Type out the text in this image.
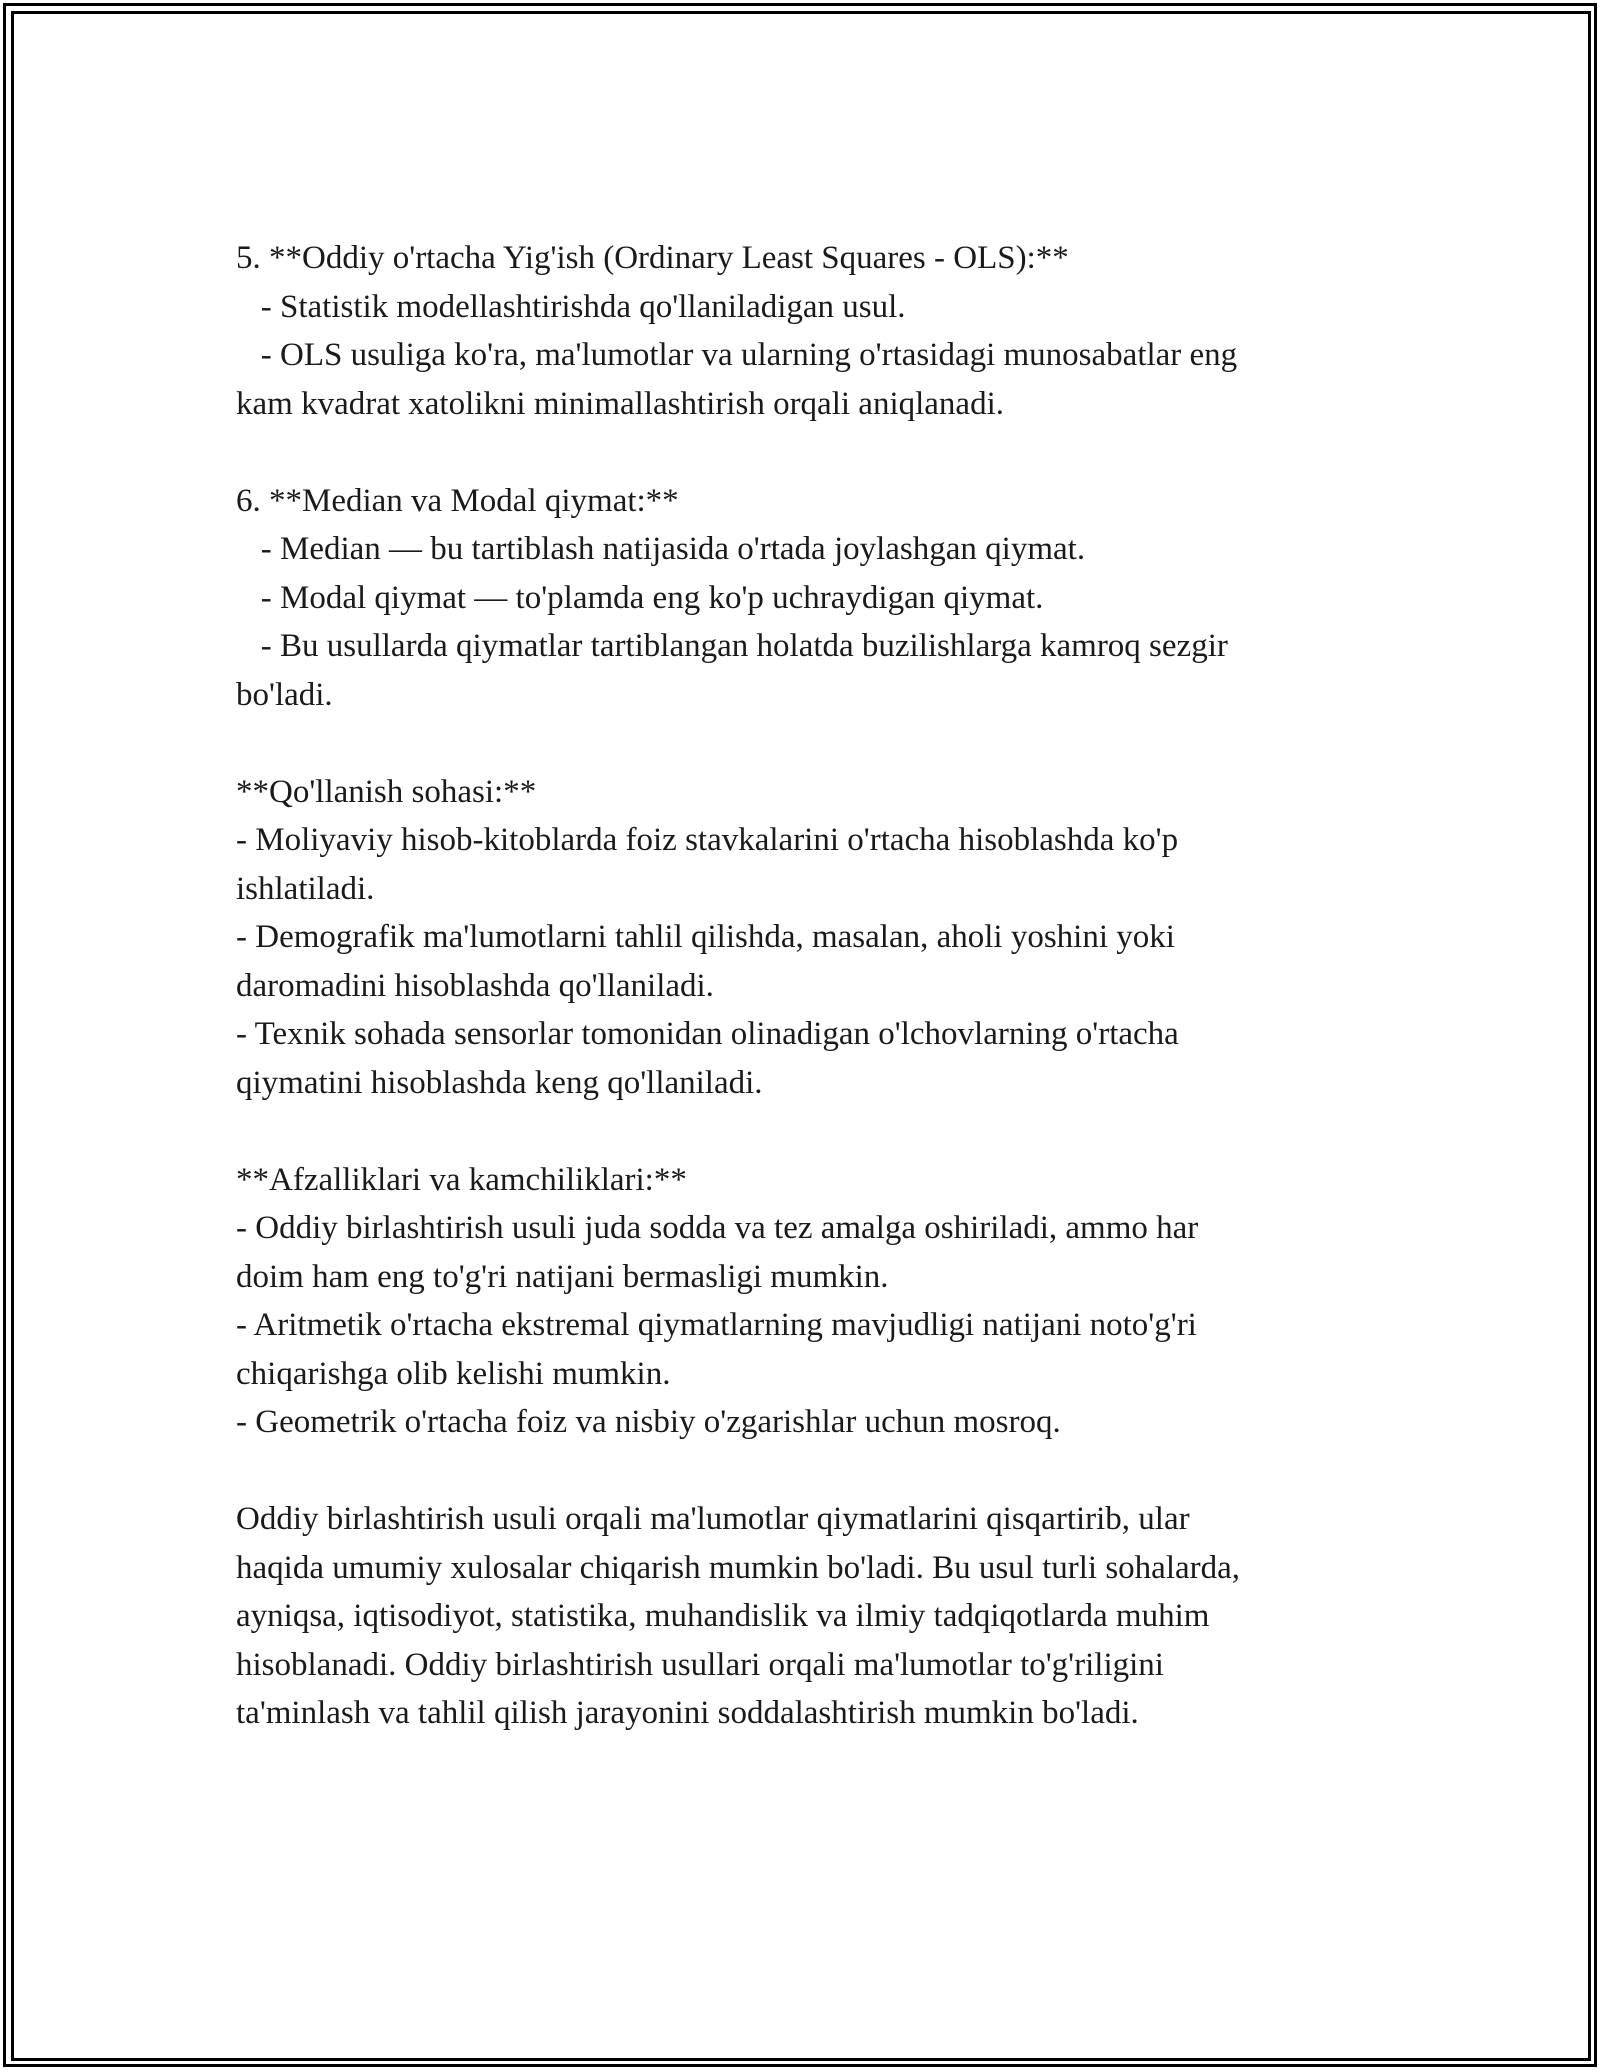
5. **Oddiy o'rtacha Yig'ish (Ordinary Least Squares - OLS):**
- Statistik modellashtirishda qo'llaniladigan usul.
- OLS usuliga ko'ra, ma'lumotlar va ularning o'rtasidagi munosabatlar eng
kam kvadrat xatolikni minimallashtirish orqali aniqlanadi.
6. **Median va Modal qiymat:**
- Median — bu tartiblash natijasida o'rtada joylashgan qiymat.
- Modal qiymat — to'plamda eng ko'p uchraydigan qiymat.
- Bu usullarda qiymatlar tartiblangan holatda buzilishlarga kamroq sezgir
bo'ladi.
**Qo'llanish sohasi:**
- Moliyaviy hisob-kitoblarda foiz stavkalarini o'rtacha hisoblashda ko'p
ishlatiladi.
- Demografik ma'lumotlarni tahlil qilishda, masalan, aholi yoshini yoki
daromadini hisoblashda qo'llaniladi.
- Texnik sohada sensorlar tomonidan olinadigan o'lchovlarning o'rtacha
qiymatini hisoblashda keng qo'llaniladi.
**Afzalliklari va kamchiliklari:**
- Oddiy birlashtirish usuli juda sodda va tez amalga oshiriladi, ammo har
doim ham eng to'g'ri natijani bermasligi mumkin.
- Aritmetik o'rtacha ekstremal qiymatlarning mavjudligi natijani noto'g'ri
chiqarishga olib kelishi mumkin.
- Geometrik o'rtacha foiz va nisbiy o'zgarishlar uchun mosroq.
Oddiy birlashtirish usuli orqali ma'lumotlar qiymatlarini qisqartirib, ular
haqida umumiy xulosalar chiqarish mumkin bo'ladi. Bu usul turli sohalarda,
ayniqsa, iqtisodiyot, statistika, muhandislik va ilmiy tadqiqotlarda muhim
hisoblanadi. Oddiy birlashtirish usullari orqali ma'lumotlar to'g'riligini
ta'minlash va tahlil qilish jarayonini soddalashtirish mumkin bo'ladi.
